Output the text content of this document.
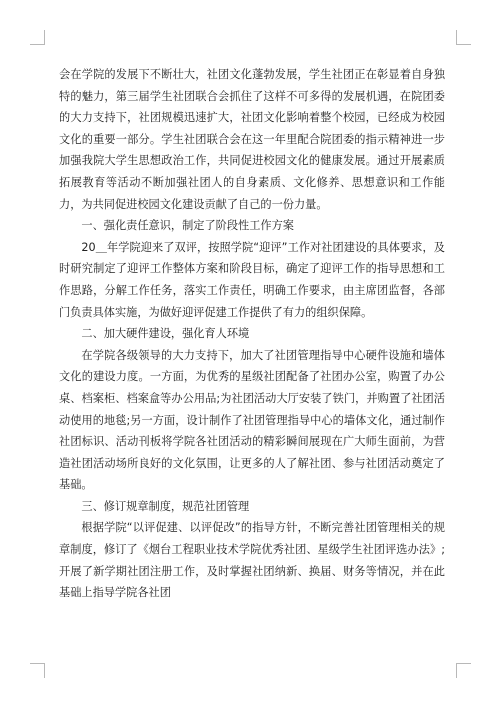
会在学院的发展下不断壮大，社团文化蓬勃发展，学生社团正在彰显着自身独特的魅力，第三届学生社团联合会抓住了这样不可多得的发展机遇，在院团委的大力支持下，社团规模迅速扩大，社团文化影响着整个校园，已经成为校园文化的重要一部分。学生社团联合会在这一年里配合院团委的指示精神进一步加强我院大学生思想政治工作，共同促进校园文化的健康发展。通过开展素质拓展教育等活动不断加强社团人的自身素质、文化修养、思想意识和工作能力，为共同促进校园文化建设贡献了自己的一份力量。

一、强化责任意识，制定了阶段性工作方案

20＿年学院迎来了双评，按照学院“迎评”工作对社团建设的具体要求，及时研究制定了迎评工作整体方案和阶段目标，确定了迎评工作的指导思想和工作思路，分解工作任务，落实工作责任，明确工作要求，由主席团监督，各部门负责具体实施，为做好迎评促建工作提供了有力的组织保障。

二、加大硬件建设，强化育人环境

在学院各级领导的大力支持下，加大了社团管理指导中心硬件设施和墙体文化的建设力度。一方面，为优秀的星级社团配备了社团办公室，购置了办公桌、档案柜、档案盒等办公用品;为社团活动大厅安装了铁门，并购置了社团活动使用的地毯;另一方面，设计制作了社团管理指导中心的墙体文化，通过制作社团标识、活动刊板将学院各社团活动的精彩瞬间展现在广大师生面前，为营造社团活动场所良好的文化氛围，让更多的人了解社团、参与社团活动奠定了基础。

三、修订规章制度，规范社团管理

根据学院“以评促建、以评促改”的指导方针，不断完善社团管理相关的规章制度，修订了《烟台工程职业技术学院优秀社团、星级学生社团评选办法》;开展了新学期社团注册工作，及时掌握社团纳新、换届、财务等情况，并在此基础上指导学院各社团
